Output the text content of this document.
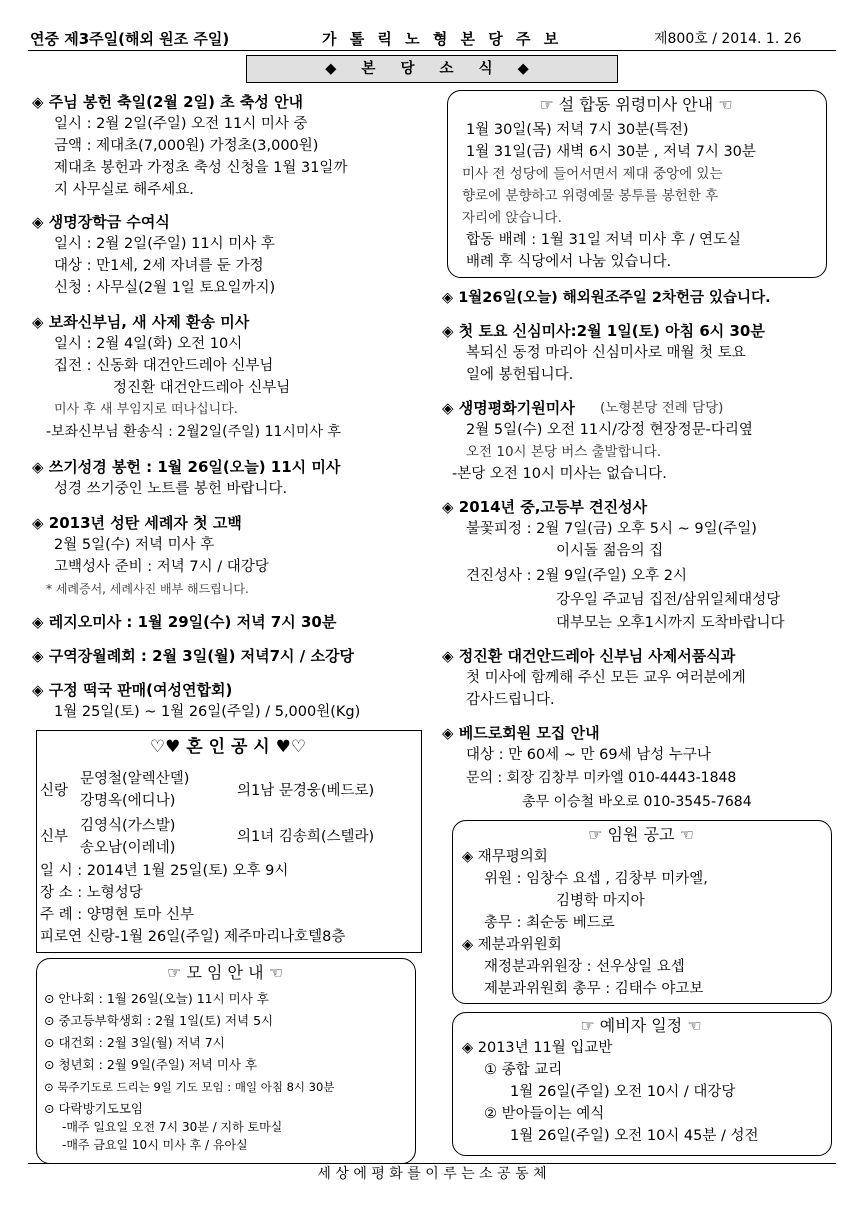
연중 제3주일(해외 원조 주일)	가 톨 릭 노 형 본 당 주 보	제800호 / 2014. 1. 26
◆ 본 당 소 식 ◆
◈ 주님 봉헌 축일(2월 2일) 초 축성 안내
일시 : 2월 2일(주일) 오전 11시 미사 중
금액 : 제대초(7,000원) 가정초(3,000원)
제대초 봉헌과 가정초 축성 신청을 1월 31일까
지 사무실로 해주세요.
◈ 생명장학금 수여식
일시 : 2월 2일(주일) 11시 미사 후
대상 : 만1세, 2세 자녀를 둔 가정
신청 : 사무실(2월 1일 토요일까지)
◈ 보좌신부님, 새 사제 환송 미사
일시 : 2월 4일(화) 오전 10시
집전 : 신동화 대건안드레아 신부님
정진환 대건안드레아 신부님
미사 후 새 부임지로 떠나십니다.
-보좌신부님 환송식 : 2월2일(주일) 11시미사 후
◈ 쓰기성경 봉헌 : 1월 26일(오늘) 11시 미사
성경 쓰기중인 노트를 봉헌 바랍니다.
◈ 2013년 성탄 세례자 첫 고백
2월 5일(수) 저녁 미사 후
고백성사 준비 : 저녁 7시 / 대강당
* 세례증서, 세례사진 배부 해드립니다.
◈ 레지오미사 : 1월 29일(수) 저녁 7시 30분
◈ 구역장월례회 : 2월 3일(월) 저녁7시 / 소강당
◈ 구정 떡국 판매(여성연합회)
1월 25일(토) ~ 1월 26일(주일) / 5,000원(Kg)
♡♥ 혼 인 공 시 ♥♡
신랑
문영철(알렉산델)
강명옥(에디나)
의1남 문경웅(베드로)
신부
김영식(가스발)
송오남(이레네)
의1녀 김송희(스텔라)
일 시 : 2014년 1월 25일(토) 오후 9시
장 소 : 노형성당
주 례 : 양명현 토마 신부
피로연 신랑-1월 26일(주일) 제주마리나호텔8층
☞ 모 임 안 내 ☜
⊙ 안나회 : 1월 26일(오늘) 11시 미사 후
⊙ 중고등부학생회 : 2월 1일(토) 저녁 5시
⊙ 대건회 : 2월 3일(월) 저녁 7시
⊙ 청년회 : 2월 9일(주일) 저녁 미사 후
⊙ 묵주기도로 드리는 9일 기도 모임 : 매일 아침 8시 30분
⊙ 다락방기도모임
-매주 일요일 오전 7시 30분 / 지하 토마실
-매주 금요일 10시 미사 후 / 유아실
☞ 설 합동 위령미사 안내 ☜
1월 30일(목) 저녁 7시 30분(특전)
1월 31일(금) 새벽 6시 30분 , 저녁 7시 30분
미사 전 성당에 들어서면서 제대 중앙에 있는
향로에 분향하고 위령예물 봉투를 봉헌한 후
자리에 앉습니다.
합동 배례 : 1월 31일 저녁 미사 후 / 연도실
배례 후 식당에서 나눔 있습니다.
◈ 1월26일(오늘) 해외원조주일 2차헌금 있습니다.
◈ 첫 토요 신심미사:2월 1일(토) 아침 6시 30분
복되신 동정 마리아 신심미사로 매월 첫 토요
일에 봉헌됩니다.
◈ 생명평화기원미사 (노형본당 전례 담당)
2월 5일(수) 오전 11시/강정 현장정문-다리옆
오전 10시 본당 버스 출발합니다.
-본당 오전 10시 미사는 없습니다.
◈ 2014년 중,고등부 견진성사
불꽃피정 : 2월 7일(금) 오후 5시 ~ 9일(주일)
이시돌 젊음의 집
견진성사 : 2월 9일(주일) 오후 2시
강우일 주교님 집전/삼위일체대성당
대부모는 오후1시까지 도착바랍니다
◈ 정진환 대건안드레아 신부님 사제서품식과
첫 미사에 함께해 주신 모든 교우 여러분에게
감사드립니다.
◈ 베드로회원 모집 안내
대상 : 만 60세 ~ 만 69세 남성 누구나
문의 : 회장 김창부 미카엘 010-4443-1848
총무 이승철 바오로 010-3545-7684
☞ 임원 공고 ☜
◈ 재무평의회
위원 : 임창수 요셉 , 김창부 미카엘,
김병학 마지아
총무 : 최순동 베드로
◈ 제분과위원회
재정분과위원장 : 선우상일 요셉
제분과위원회 총무 : 김태수 야고보
☞ 예비자 일정 ☜
◈ 2013년 11월 입교반
① 종합 교리
1월 26일(주일) 오전 10시 / 대강당
② 받아들이는 예식
1월 26일(주일) 오전 10시 45분 / 성전
세 상 에 평 화 를 이 루 는 소 공 동 체
